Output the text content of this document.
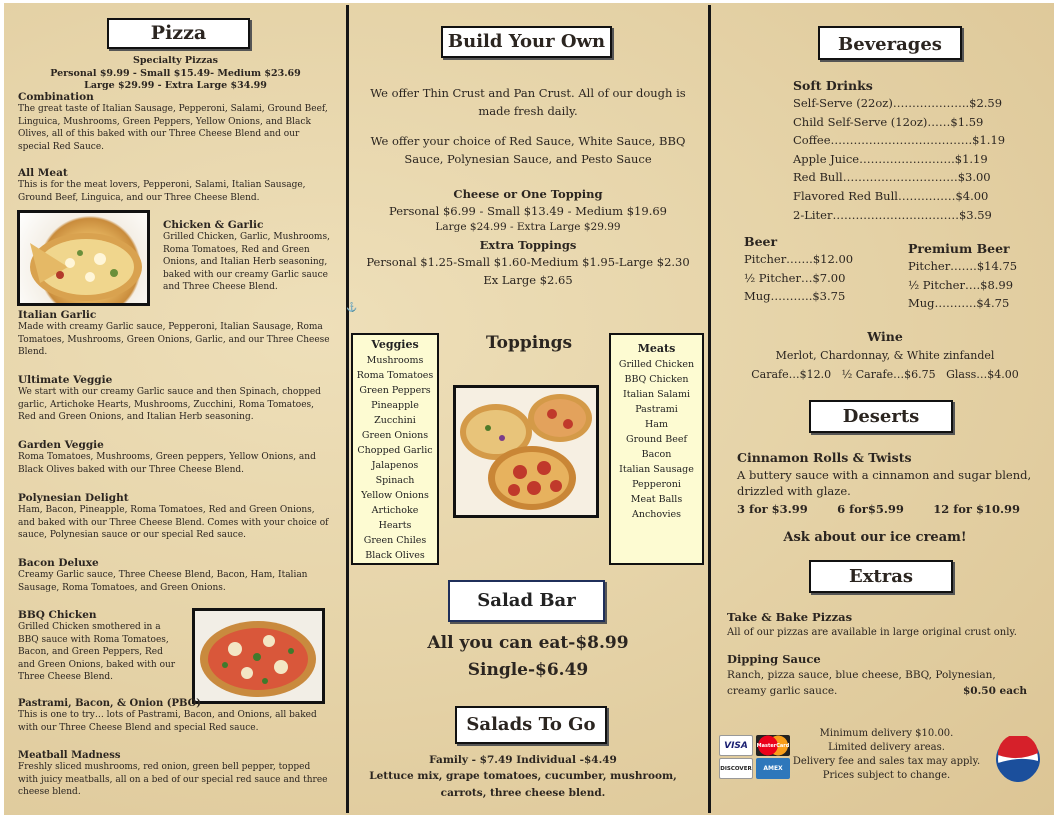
Pizza
Specialty Pizzas
Personal $9.99 - Small $15.49- Medium $23.69
Large $29.99 - Extra Large $34.99
Combination
The great taste of Italian Sausage, Pepperoni, Salami, Ground Beef, Linguica, Mushrooms, Green Peppers, Yellow Onions, and Black Olives, all of this baked with our Three Cheese Blend and our special Red Sauce.
All Meat
This is for the meat lovers, Pepperoni, Salami, Italian Sausage, Ground Beef, Linguica, and our Three Cheese Blend.
Chicken & Garlic
Grilled Chicken, Garlic, Mushrooms, Roma Tomatoes, Red and Green Onions, and Italian Herb seasoning, baked with our creamy Garlic sauce and Three Cheese Blend.
Italian Garlic
Made with creamy Garlic sauce, Pepperoni, Italian Sausage, Roma Tomatoes, Mushrooms, Green Onions, Garlic, and our Three Cheese Blend.
Ultimate Veggie
We start with our creamy Garlic sauce and then Spinach, chopped garlic, Artichoke Hearts, Mushrooms, Zucchini, Roma Tomatoes, Red and Green Onions, and Italian Herb seasoning.
Garden Veggie
Roma Tomatoes, Mushrooms, Green peppers, Yellow Onions, and Black Olives baked with our Three Cheese Blend.
Polynesian Delight
Ham, Bacon, Pineapple, Roma Tomatoes, Red and Green Onions, and baked with our Three Cheese Blend. Comes with your choice of sauce, Polynesian sauce or our special Red sauce.
Bacon Deluxe
Creamy Garlic sauce, Three Cheese Blend, Bacon, Ham, Italian Sausage, Roma Tomatoes, and Green Onions.
BBQ Chicken
Grilled Chicken smothered in a BBQ sauce with Roma Tomatoes, Bacon, and Green Peppers, Red and Green Onions, baked with our Three Cheese Blend.
Pastrami, Bacon, & Onion (PBO)
This is one to try… lots of Pastrami, Bacon, and Onions, all baked with our Three Cheese Blend and special Red sauce.
Meatball Madness
Freshly sliced mushrooms, red onion, green bell pepper, topped with juicy meatballs, all on a bed of our special red sauce and three cheese blend.
Build Your Own
We offer Thin Crust and Pan Crust. All of our dough is made fresh daily.
We offer your choice of Red Sauce, White Sauce, BBQ Sauce, Polynesian Sauce, and Pesto Sauce
Cheese or One Topping
Personal $6.99 - Small $13.49 - Medium $19.69
Large $24.99 - Extra Large $29.99
Extra Toppings
Personal $1.25-Small $1.60-Medium $1.95-Large $2.30
Ex Large $2.65
⚓
Veggies
Mushrooms
Roma Tomatoes
Green Peppers
Pineapple
Zucchini
Green Onions
Chopped Garlic
Jalapenos
Spinach
Yellow Onions
Artichoke
Hearts
Green Chiles
Black Olives
Toppings	Meats
Grilled Chicken
BBQ Chicken
Italian Salami
Pastrami
Ham
Ground Beef
Bacon
Italian Sausage
Pepperoni
Meat Balls
Anchovies
Salad Bar
All you can eat-$8.99
Single-$6.49
Salads To Go
Family - $7.49 Individual -$4.49
Lettuce mix, grape tomatoes, cucumber, mushroom, carrots, three cheese blend.
Beverages
Soft Drinks
Self-Serve (22oz)………………..$2.59
Child Self-Serve (12oz)……$1.59
Coffee……………………………….$1.19
Apple Juice…………………….$1.19
Red Bull…………………………$3.00
Flavored Red Bull……………$4.00
2-Liter……………………………$3.59
Beer
Pitcher…….$12.00
½ Pitcher…$7.00
Mug………..$3.75
Premium Beer
Pitcher…….$14.75
½ Pitcher….$8.99
Mug………..$4.75
Wine
Merlot, Chardonnay, & White zinfandel
Carafe…$12.0   ½ Carafe…$6.75   Glass…$4.00
Deserts
Cinnamon Rolls & Twists
A buttery sauce with a cinnamon and sugar blend, drizzled with glaze.
3 for $3.99	6 for$5.99	12 for $10.99
Ask about our ice cream!
Extras
Take & Bake Pizzas
All of our pizzas are available in large original crust only.
Dipping Sauce
Ranch, pizza sauce, blue cheese, BBQ, Polynesian, creamy garlic sauce.	$0.50 each
VISA	MasterCard
DISCOVER	AMEX
Minimum delivery $10.00.
Limited delivery areas.
Delivery fee and sales tax may apply.
Prices subject to change.
